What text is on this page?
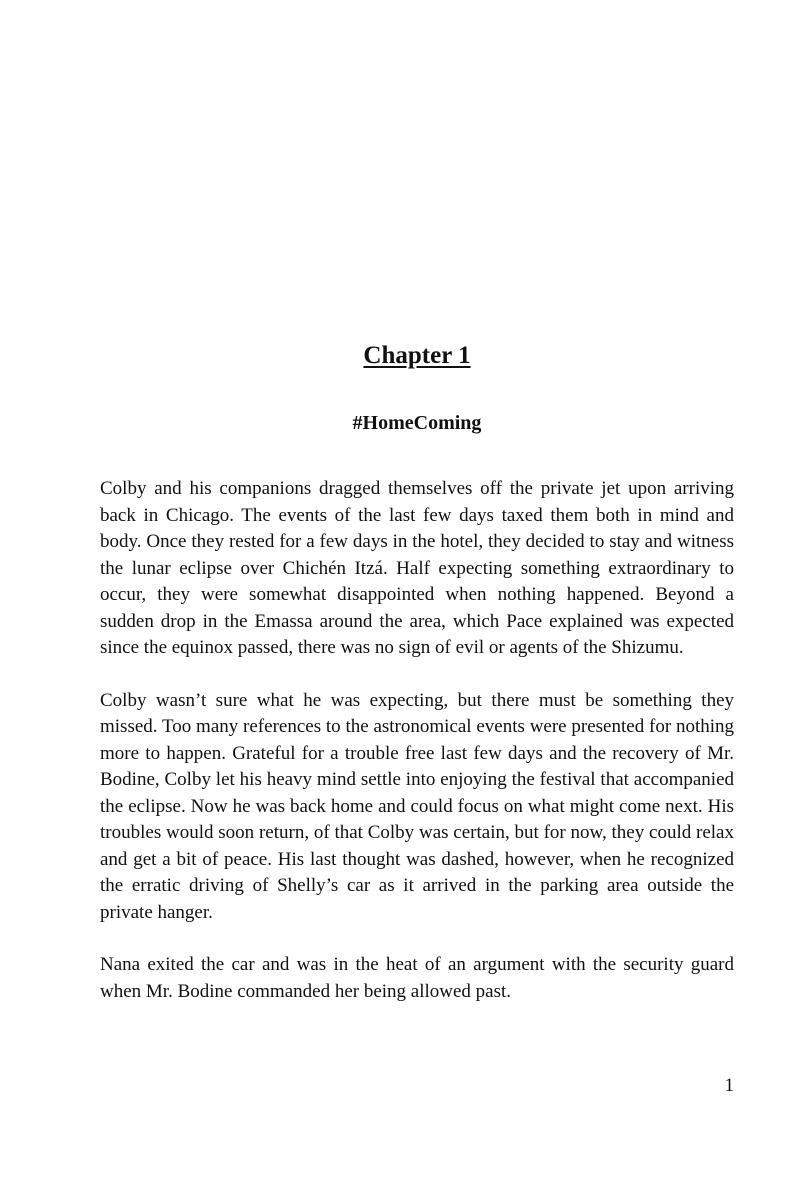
Chapter 1
#HomeComing

Colby and his companions dragged themselves off the private jet upon arriving back in Chicago. The events of the last few days taxed them both in mind and body. Once they rested for a few days in the hotel, they decided to stay and witness the lunar eclipse over Chichén Itzá. Half expecting something extraordinary to occur, they were somewhat disappointed when nothing happened. Beyond a sudden drop in the Emassa around the area, which Pace explained was expected since the equinox passed, there was no sign of evil or agents of the Shizumu.

Colby wasn’t sure what he was expecting, but there must be something they missed. Too many references to the astronomical events were presented for nothing more to happen. Grateful for a trouble free last few days and the recovery of Mr. Bodine, Colby let his heavy mind settle into enjoying the festival that accompanied the eclipse. Now he was back home and could focus on what might come next. His troubles would soon return, of that Colby was certain, but for now, they could relax and get a bit of peace. His last thought was dashed, however, when he recognized the erratic driving of Shelly’s car as it arrived in the parking area outside the private hanger.

Nana exited the car and was in the heat of an argument with the security guard when Mr. Bodine commanded her being allowed past.

1
